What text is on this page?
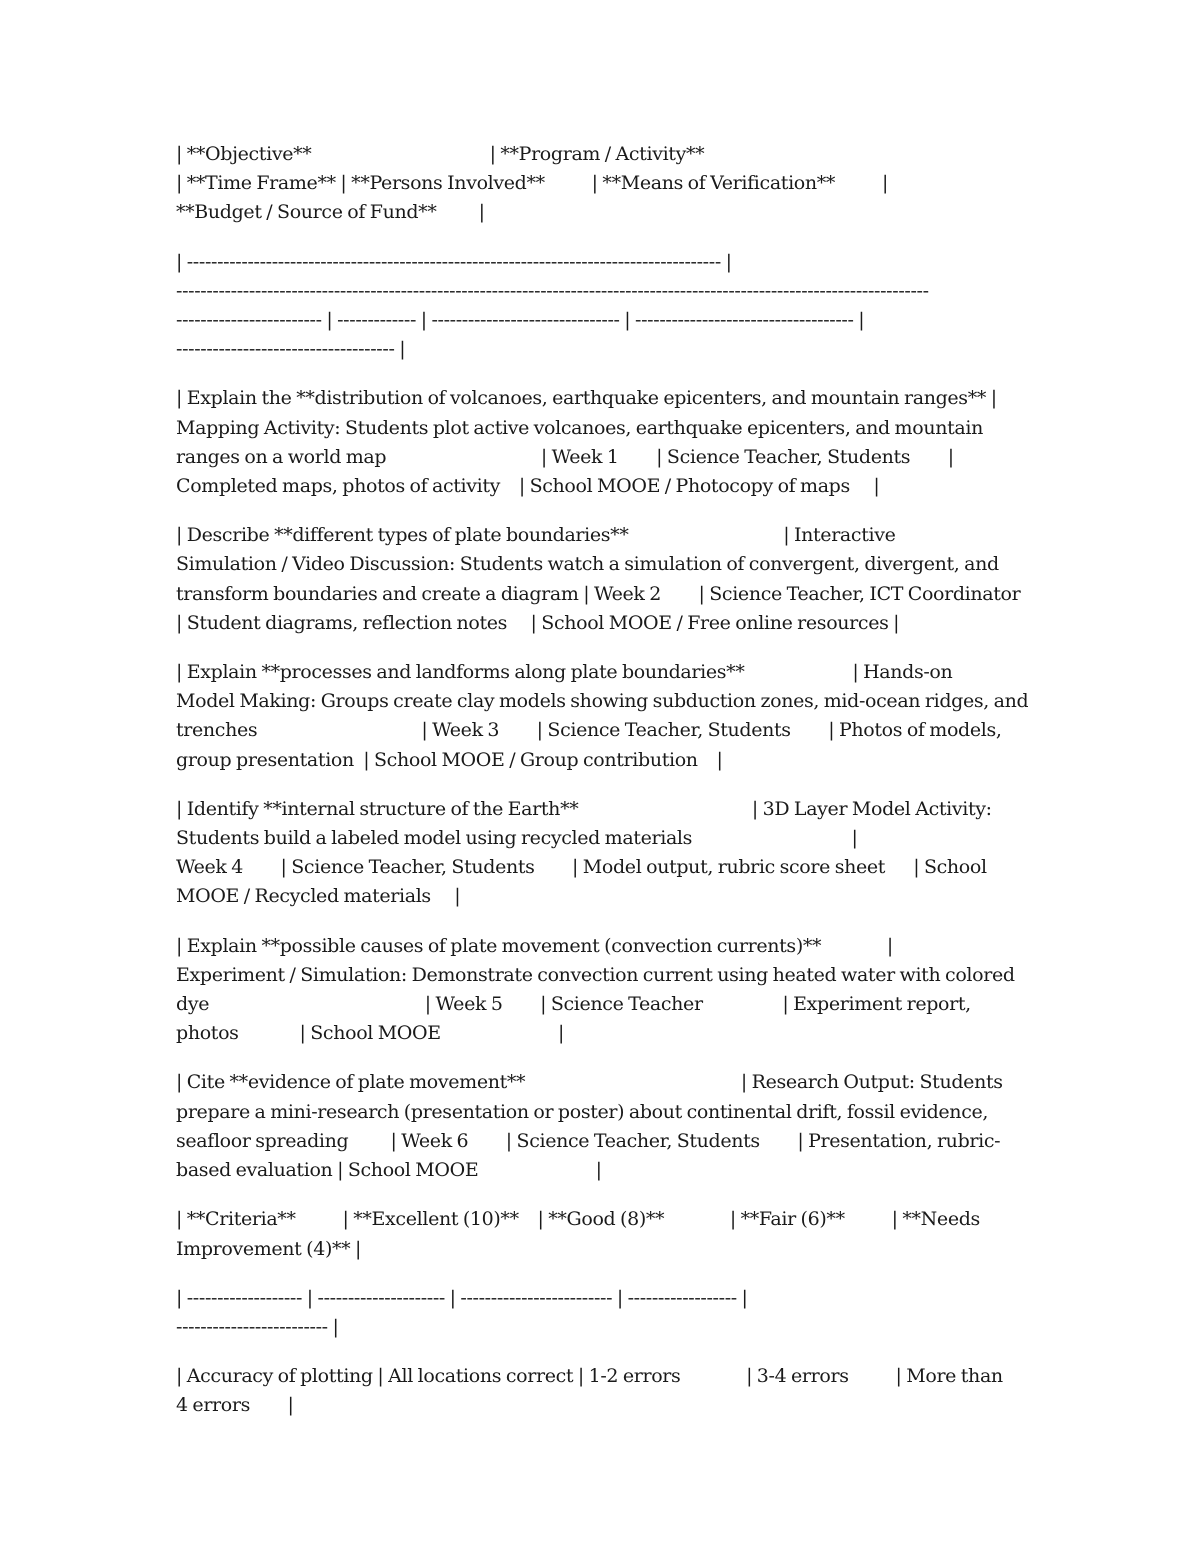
| **Objective**                                      | **Program / Activity**
| **Time Frame** | **Persons Involved**          | **Means of Verification**          |
**Budget / Source of Fund**         |
| ---------------------------------------------------------------------------------------- |
----------------------------------------------------------------------------------------------------------------------------
------------------------ | ------------- | ------------------------------- | ------------------------------------ |
------------------------------------ |
| Explain the **distribution of volcanoes, earthquake epicenters, and mountain ranges** |
Mapping Activity: Students plot active volcanoes, earthquake epicenters, and mountain
ranges on a world map                                 | Week 1        | Science Teacher, Students        |
Completed maps, photos of activity    | School MOOE / Photocopy of maps     |
| Describe **different types of plate boundaries**                                 | Interactive
Simulation / Video Discussion: Students watch a simulation of convergent, divergent, and
transform boundaries and create a diagram | Week 2        | Science Teacher, ICT Coordinator
| Student diagrams, reflection notes     | School MOOE / Free online resources |
| Explain **processes and landforms along plate boundaries**                       | Hands-on
Model Making: Groups create clay models showing subduction zones, mid-ocean ridges, and
trenches                                   | Week 3        | Science Teacher, Students        | Photos of models,
group presentation  | School MOOE / Group contribution    |
| Identify **internal structure of the Earth**                                     | 3D Layer Model Activity:
Students build a labeled model using recycled materials                                  |
Week 4        | Science Teacher, Students        | Model output, rubric score sheet      | School
MOOE / Recycled materials     |
| Explain **possible causes of plate movement (convection currents)**              |
Experiment / Simulation: Demonstrate convection current using heated water with colored
dye                                              | Week 5        | Science Teacher                 | Experiment report,
photos             | School MOOE                         |
| Cite **evidence of plate movement**                                              | Research Output: Students
prepare a mini-research (presentation or poster) about continental drift, fossil evidence,
seafloor spreading         | Week 6        | Science Teacher, Students        | Presentation, rubric-
based evaluation | School MOOE                         |
| **Criteria**          | **Excellent (10)**    | **Good (8)**              | **Fair (6)**          | **Needs
Improvement (4)** |
| ------------------- | --------------------- | ------------------------- | ------------------ |
------------------------- |
| Accuracy of plotting | All locations correct | 1-2 errors              | 3-4 errors          | More than
4 errors        |
